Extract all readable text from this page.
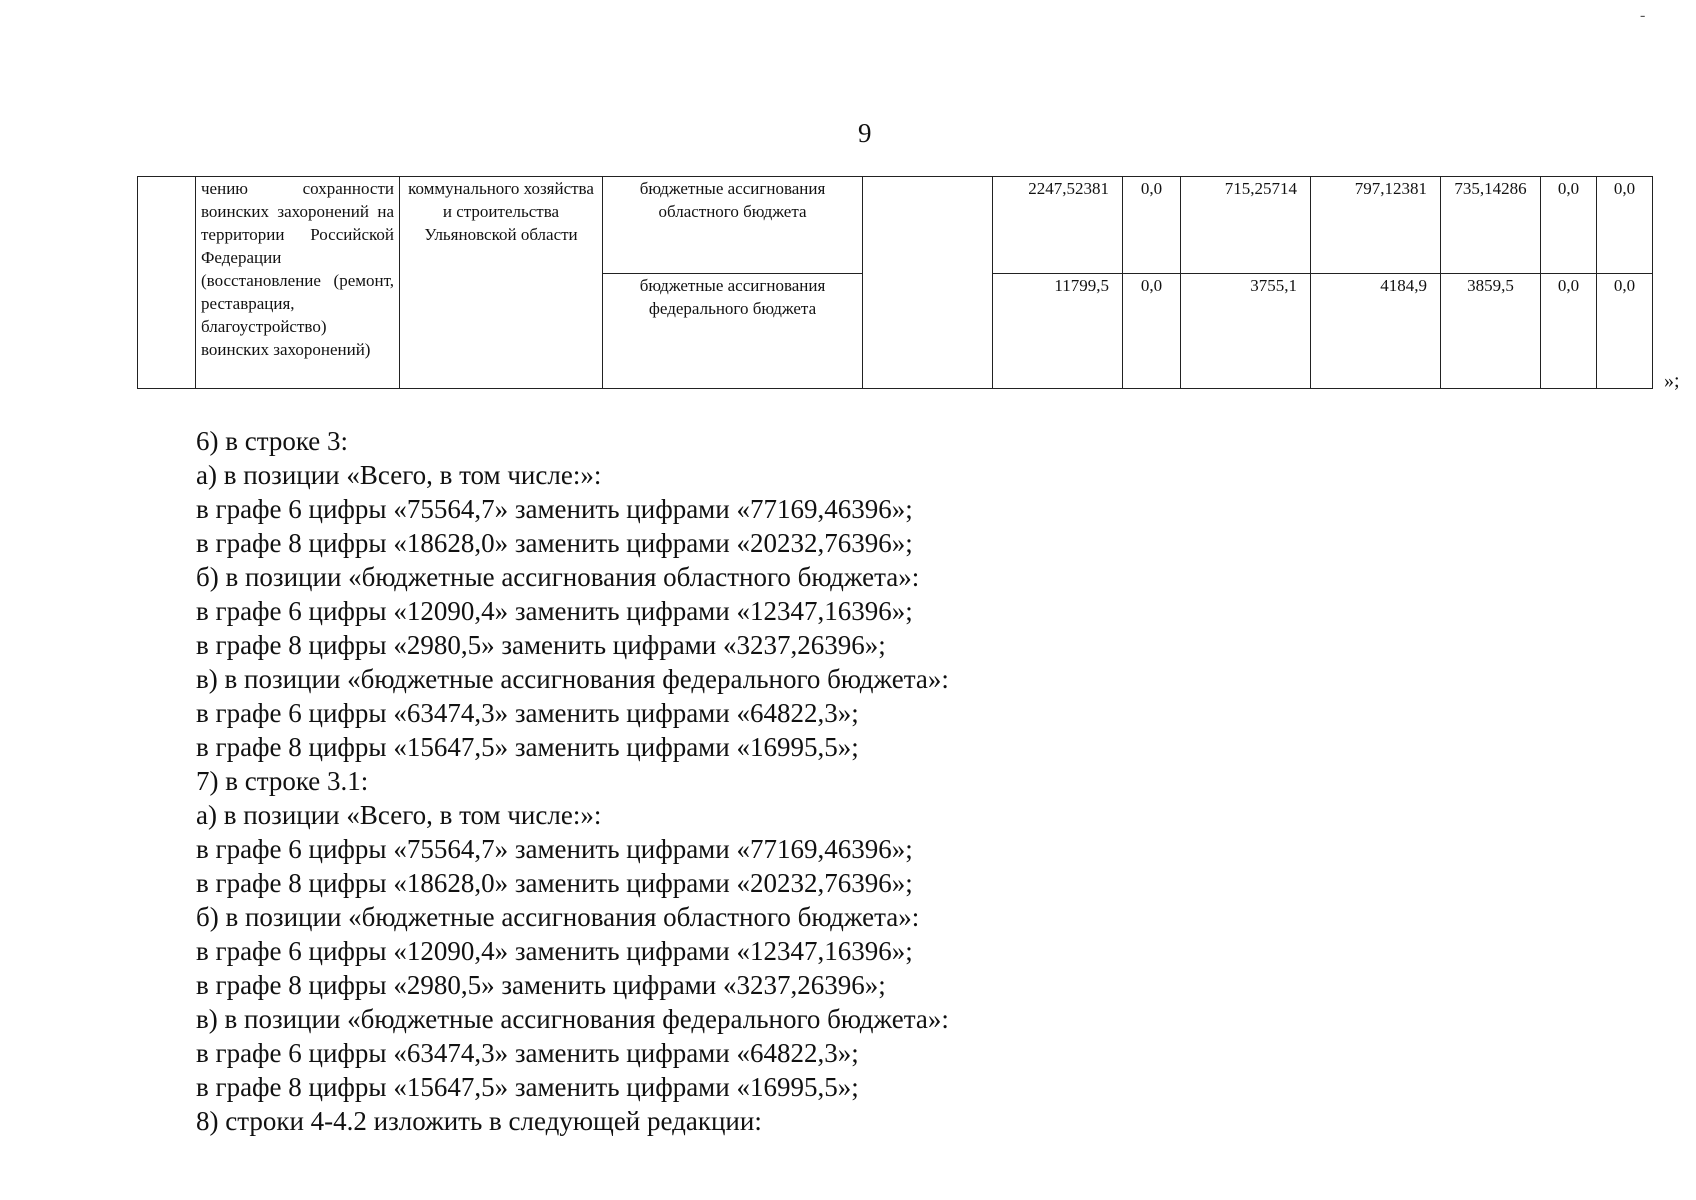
-
9
	чению сохранности воинских захоронений на территории Российской Федерации (восстановление (ремонт, реставрация, благоустройство) воинских захоронений)	коммунального хозяйства и строительства Ульяновской области	бюджетные ассигнования областного бюджета		2247,52381	0,0	715,25714	797,12381	735,14286	0,0	0,0
			бюджетные ассигнования федерального бюджета		11799,5	0,0	3755,1	4184,9	3859,5	0,0	0,0
»;
6) в строке 3:
а) в позиции «Всего, в том числе:»:
в графе 6 цифры «75564,7» заменить цифрами «77169,46396»;
в графе 8 цифры «18628,0» заменить цифрами «20232,76396»;
б) в позиции «бюджетные ассигнования областного бюджета»:
в графе 6 цифры «12090,4» заменить цифрами «12347,16396»;
в графе 8 цифры «2980,5» заменить цифрами «3237,26396»;
в) в позиции «бюджетные ассигнования федерального бюджета»:
в графе 6 цифры «63474,3» заменить цифрами «64822,3»;
в графе 8 цифры «15647,5» заменить цифрами «16995,5»;
7) в строке 3.1:
а) в позиции «Всего, в том числе:»:
в графе 6 цифры «75564,7» заменить цифрами «77169,46396»;
в графе 8 цифры «18628,0» заменить цифрами «20232,76396»;
б) в позиции «бюджетные ассигнования областного бюджета»:
в графе 6 цифры «12090,4» заменить цифрами «12347,16396»;
в графе 8 цифры «2980,5» заменить цифрами «3237,26396»;
в) в позиции «бюджетные ассигнования федерального бюджета»:
в графе 6 цифры «63474,3» заменить цифрами «64822,3»;
в графе 8 цифры «15647,5» заменить цифрами «16995,5»;
8) строки 4-4.2 изложить в следующей редакции:
